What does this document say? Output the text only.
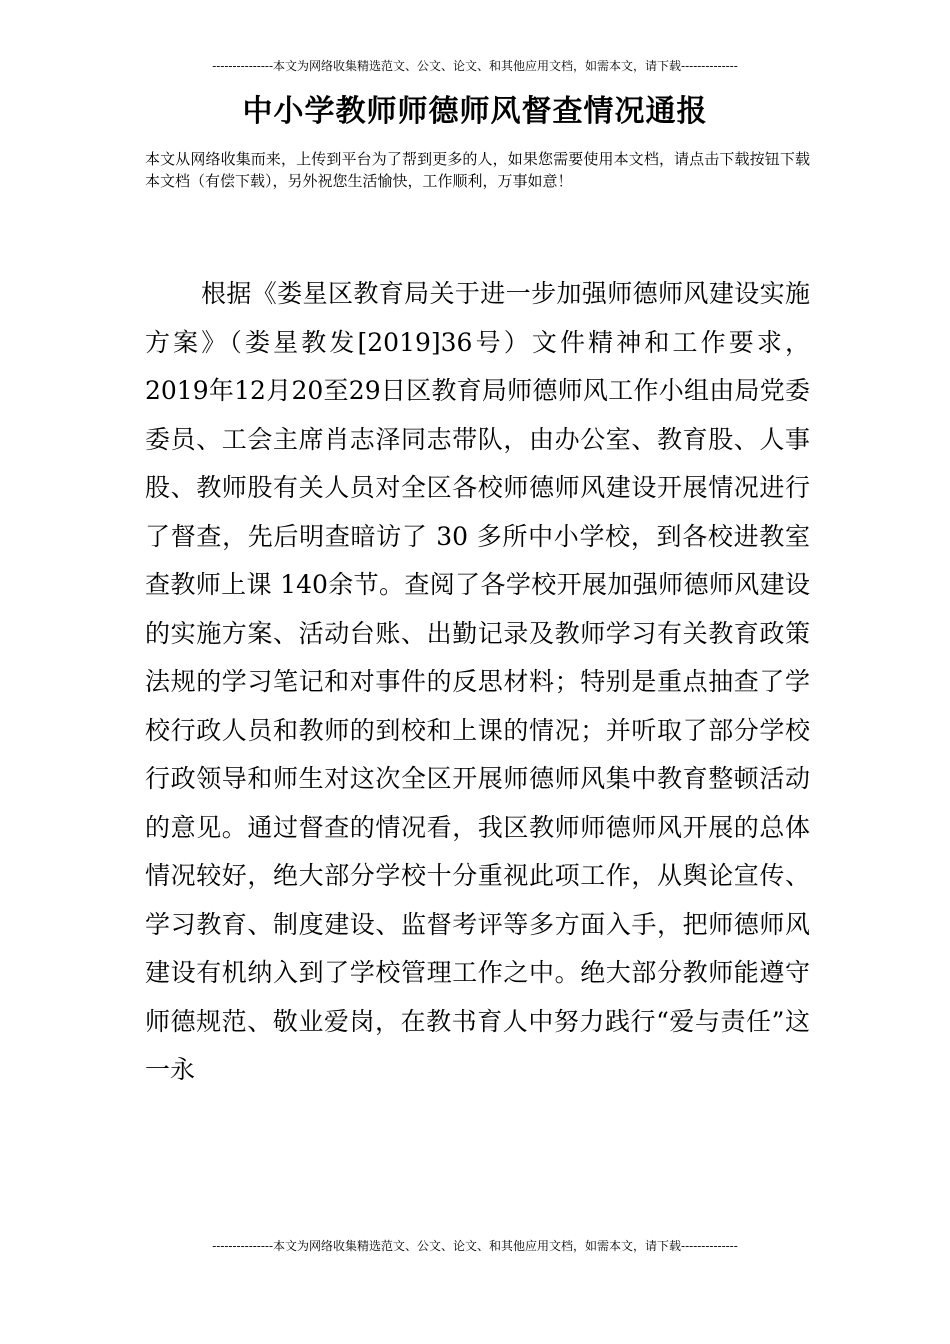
---------------本文为网络收集精选范文、公文、论文、和其他应用文档，如需本文，请下载--------------
中小学教师师德师风督查情况通报
本文从网络收集而来，上传到平台为了帮到更多的人，如果您需要使用本文档，请点击下载按钮下载本文档（有偿下载），另外祝您生活愉快，工作顺利，万事如意！
根据《娄星区教育局关于进一步加强师德师风建设实施方案》（娄星教发[2019]36号）文件精神和工作要求，2019年12月20至29日区教育局师德师风工作小组由局党委委员、工会主席肖志泽同志带队，由办公室、教育股、人事股、教师股有关人员对全区各校师德师风建设开展情况进行了督查，先后明查暗访了 30 多所中小学校，到各校进教室查教师上课 140余节。查阅了各学校开展加强师德师风建设的实施方案、活动台账、出勤记录及教师学习有关教育政策法规的学习笔记和对事件的反思材料；特别是重点抽查了学校行政人员和教师的到校和上课的情况；并听取了部分学校行政领导和师生对这次全区开展师德师风集中教育整顿活动的意见。通过督查的情况看，我区教师师德师风开展的总体情况较好，绝大部分学校十分重视此项工作，从舆论宣传、学习教育、制度建设、监督考评等多方面入手，把师德师风建设有机纳入到了学校管理工作之中。绝大部分教师能遵守师德规范、敬业爱岗，在教书育人中努力践行“爱与责任”这一永
---------------本文为网络收集精选范文、公文、论文、和其他应用文档，如需本文，请下载--------------
